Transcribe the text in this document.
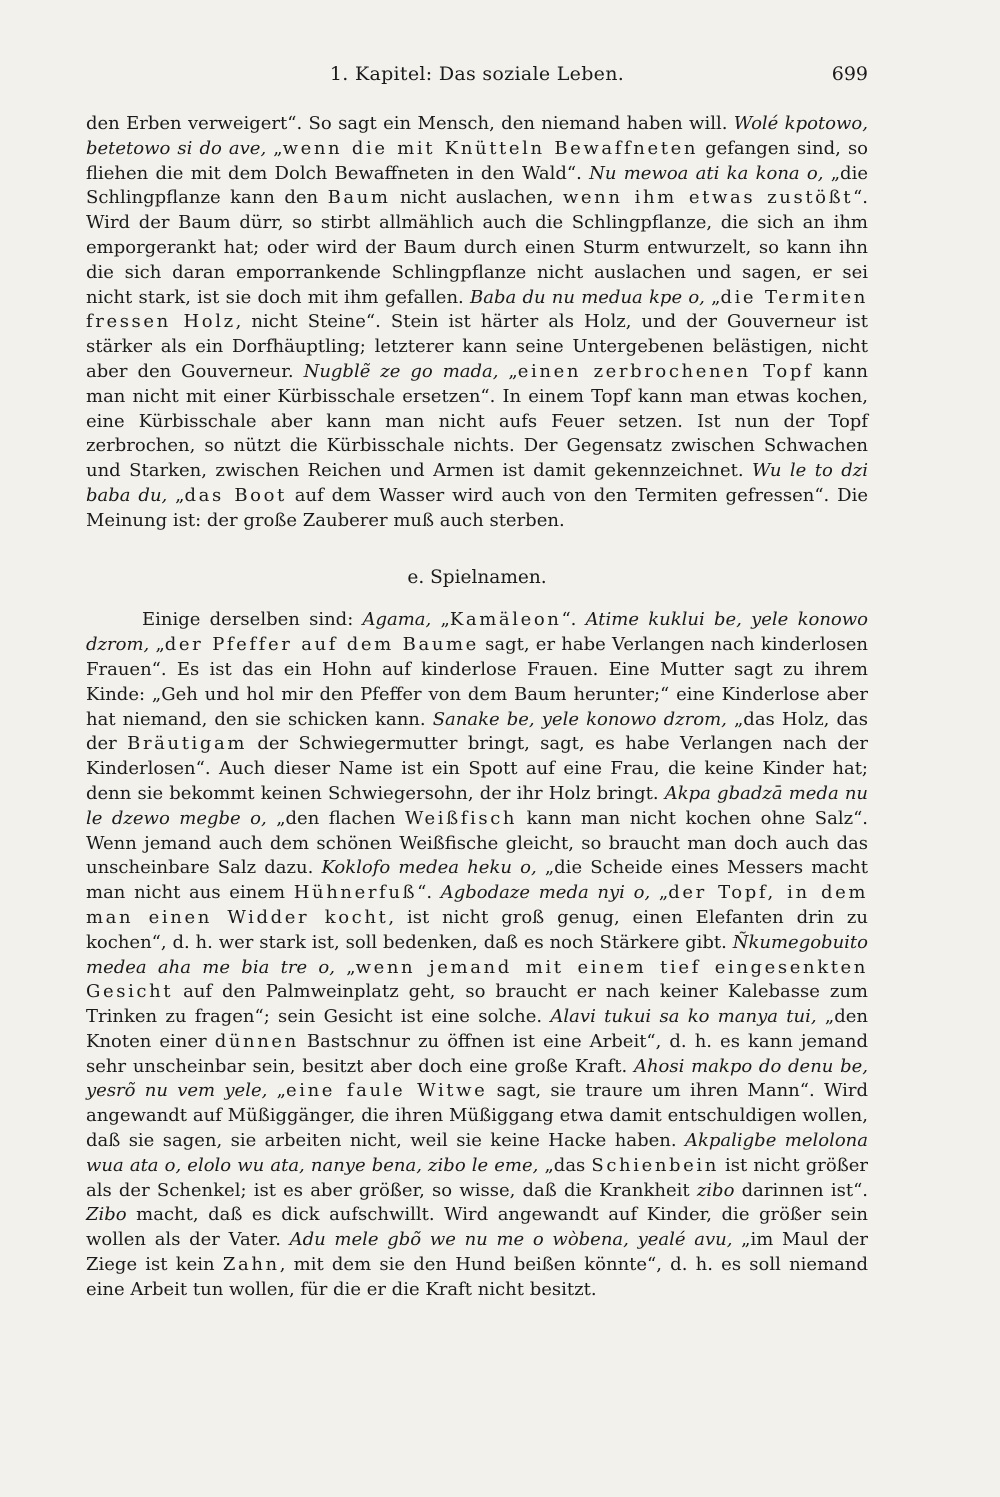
1. Kapitel: Das soziale Leben.	699

den Erben verweigert“. So sagt ein Mensch, den niemand haben will. Wolé kpotowo, betetowo si do ave, „wenn die mit Knütteln Bewaffneten gefangen sind, so fliehen die mit dem Dolch Bewaffneten in den Wald“. Nu mewoa ati ka kona o, „die Schlingpflanze kann den Baum nicht auslachen, wenn ihm etwas zustößt“. Wird der Baum dürr, so stirbt allmählich auch die Schlingpflanze, die sich an ihm emporgerankt hat; oder wird der Baum durch einen Sturm entwurzelt, so kann ihn die sich daran emporrankende Schlingpflanze nicht auslachen und sagen, er sei nicht stark, ist sie doch mit ihm gefallen. Baba du nu medua kpe o, „die Termiten fressen Holz, nicht Steine“. Stein ist härter als Holz, und der Gouverneur ist stärker als ein Dorfhäuptling; letzterer kann seine Untergebenen belästigen, nicht aber den Gouverneur. Nugblẽ ze go mada, „einen zerbrochenen Topf kann man nicht mit einer Kürbisschale ersetzen“. In einem Topf kann man etwas kochen, eine Kürbisschale aber kann man nicht aufs Feuer setzen. Ist nun der Topf zerbrochen, so nützt die Kürbisschale nichts. Der Gegensatz zwischen Schwachen und Starken, zwischen Reichen und Armen ist damit gekennzeichnet. Wu le to dzi baba du, „das Boot auf dem Wasser wird auch von den Termiten gefressen“. Die Meinung ist: der große Zauberer muß auch sterben.

e. Spielnamen.

Einige derselben sind: Agama, „Kamäleon“. Atime kuklui be, yele konowo dzrom, „der Pfeffer auf dem Baume sagt, er habe Verlangen nach kinderlosen Frauen“. Es ist das ein Hohn auf kinderlose Frauen. Eine Mutter sagt zu ihrem Kinde: „Geh und hol mir den Pfeffer von dem Baum herunter;“ eine Kinderlose aber hat niemand, den sie schicken kann. Sanake be, yele konowo dzrom, „das Holz, das der Bräutigam der Schwiegermutter bringt, sagt, es habe Verlangen nach der Kinderlosen“. Auch dieser Name ist ein Spott auf eine Frau, die keine Kinder hat; denn sie bekommt keinen Schwiegersohn, der ihr Holz bringt. Akpa gbadzā meda nu le dzewo megbe o, „den flachen Weißfisch kann man nicht kochen ohne Salz“. Wenn jemand auch dem schönen Weißfische gleicht, so braucht man doch auch das unscheinbare Salz dazu. Koklofo medea heku o, „die Scheide eines Messers macht man nicht aus einem Hühnerfuß“. Agbodaze meda nyi o, „der Topf, in dem man einen Widder kocht, ist nicht groß genug, einen Elefanten drin zu kochen“, d. h. wer stark ist, soll bedenken, daß es noch Stärkere gibt. Ñkumegobuito medea aha me bia tre o, „wenn jemand mit einem tief eingesenkten Gesicht auf den Palmweinplatz geht, so braucht er nach keiner Kalebasse zum Trinken zu fragen“; sein Gesicht ist eine solche. Alavi tukui sa ko manya tui, „den Knoten einer dünnen Bastschnur zu öffnen ist eine Arbeit“, d. h. es kann jemand sehr unscheinbar sein, besitzt aber doch eine große Kraft. Ahosi makpo do denu be, yesrõ nu vem yele, „eine faule Witwe sagt, sie traure um ihren Mann“. Wird angewandt auf Müßiggänger, die ihren Müßiggang etwa damit entschuldigen wollen, daß sie sagen, sie arbeiten nicht, weil sie keine Hacke haben. Akpaligbe melolona wua ata o, elolo wu ata, nanye bena, zibo le eme, „das Schienbein ist nicht größer als der Schenkel; ist es aber größer, so wisse, daß die Krankheit zibo darinnen ist“. Zibo macht, daß es dick aufschwillt. Wird angewandt auf Kinder, die größer sein wollen als der Vater. Adu mele gbõ we nu me o wòbena, yealé avu, „im Maul der Ziege ist kein Zahn, mit dem sie den Hund beißen könnte“, d. h. es soll niemand eine Arbeit tun wollen, für die er die Kraft nicht besitzt.
